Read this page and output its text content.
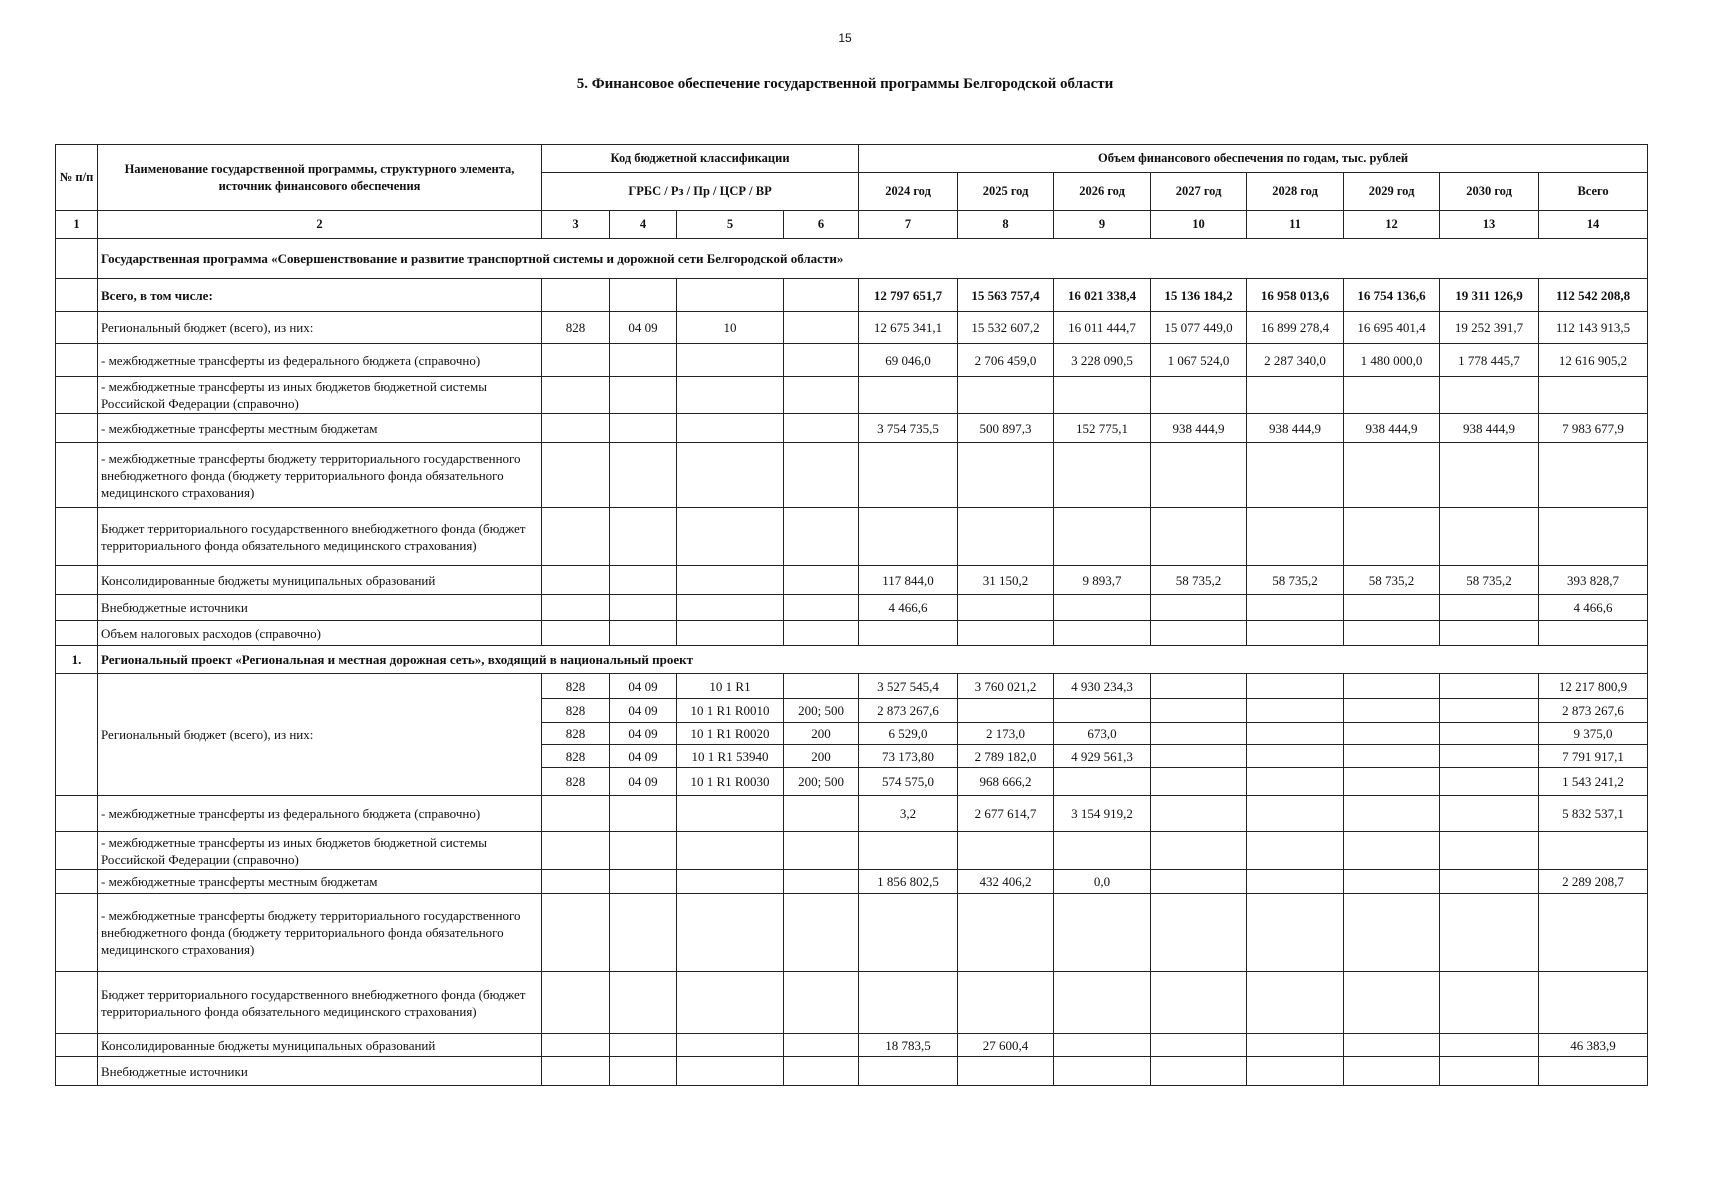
15
5. Финансовое обеспечение государственной программы Белгородской области
№ п/п	Наименование государственной программы, структурного элемента, источник финансового обеспечения	Код бюджетной классификации				Объем финансового обеспечения по годам, тыс. рублей							
		ГРБС / Рз / Пр / ЦСР / ВР				2024 год	2025 год	2026 год	2027 год	2028 год	2029 год	2030 год	Всего
1	2	3	4	5	6	7	8	9	10	11	12	13	14
	Государственная программа «Совершенствование и развитие транспортной системы и дорожной сети Белгородской области»												
	Всего, в том числе:					12 797 651,7	15 563 757,4	16 021 338,4	15 136 184,2	16 958 013,6	16 754 136,6	19 311 126,9	112 542 208,8
	Региональный бюджет (всего), из них:	828	04 09	10		12 675 341,1	15 532 607,2	16 011 444,7	15 077 449,0	16 899 278,4	16 695 401,4	19 252 391,7	112 143 913,5
	- межбюджетные трансферты из федерального бюджета (справочно)					69 046,0	2 706 459,0	3 228 090,5	1 067 524,0	2 287 340,0	1 480 000,0	1 778 445,7	12 616 905,2
	- межбюджетные трансферты из иных бюджетов бюджетной системы Российской Федерации (справочно)												
	- межбюджетные трансферты местным бюджетам					3 754 735,5	500 897,3	152 775,1	938 444,9	938 444,9	938 444,9	938 444,9	7 983 677,9
	- межбюджетные трансферты бюджету территориального государственного внебюджетного фонда (бюджету территориального фонда обязательного медицинского страхования)												
	Бюджет территориального государственного внебюджетного фонда (бюджет территориального фонда обязательного медицинского страхования)												
	Консолидированные бюджеты муниципальных образований					117 844,0	31 150,2	9 893,7	58 735,2	58 735,2	58 735,2	58 735,2	393 828,7
	Внебюджетные источники					4 466,6							4 466,6
	Объем налоговых расходов (справочно)												
1.	Региональный проект «Региональная и местная дорожная сеть», входящий в национальный проект												
	Региональный бюджет (всего), из них:	828	04 09	10 1 R1		3 527 545,4	3 760 021,2	4 930 234,3					12 217 800,9
		828	04 09	10 1 R1 R0010	200; 500	2 873 267,6							2 873 267,6
		828	04 09	10 1 R1 R0020	200	6 529,0	2 173,0	673,0					9 375,0
		828	04 09	10 1 R1 53940	200	73 173,80	2 789 182,0	4 929 561,3					7 791 917,1
		828	04 09	10 1 R1 R0030	200; 500	574 575,0	968 666,2						1 543 241,2
	- межбюджетные трансферты из федерального бюджета (справочно)					3,2	2 677 614,7	3 154 919,2					5 832 537,1
	- межбюджетные трансферты из иных бюджетов бюджетной системы Российской Федерации (справочно)												
	- межбюджетные трансферты местным бюджетам					1 856 802,5	432 406,2	0,0					2 289 208,7
	- межбюджетные трансферты бюджету территориального государственного внебюджетного фонда (бюджету территориального фонда обязательного медицинского страхования)												
	Бюджет территориального государственного внебюджетного фонда (бюджет территориального фонда обязательного медицинского страхования)												
	Консолидированные бюджеты муниципальных образований					18 783,5	27 600,4						46 383,9
	Внебюджетные источники												
